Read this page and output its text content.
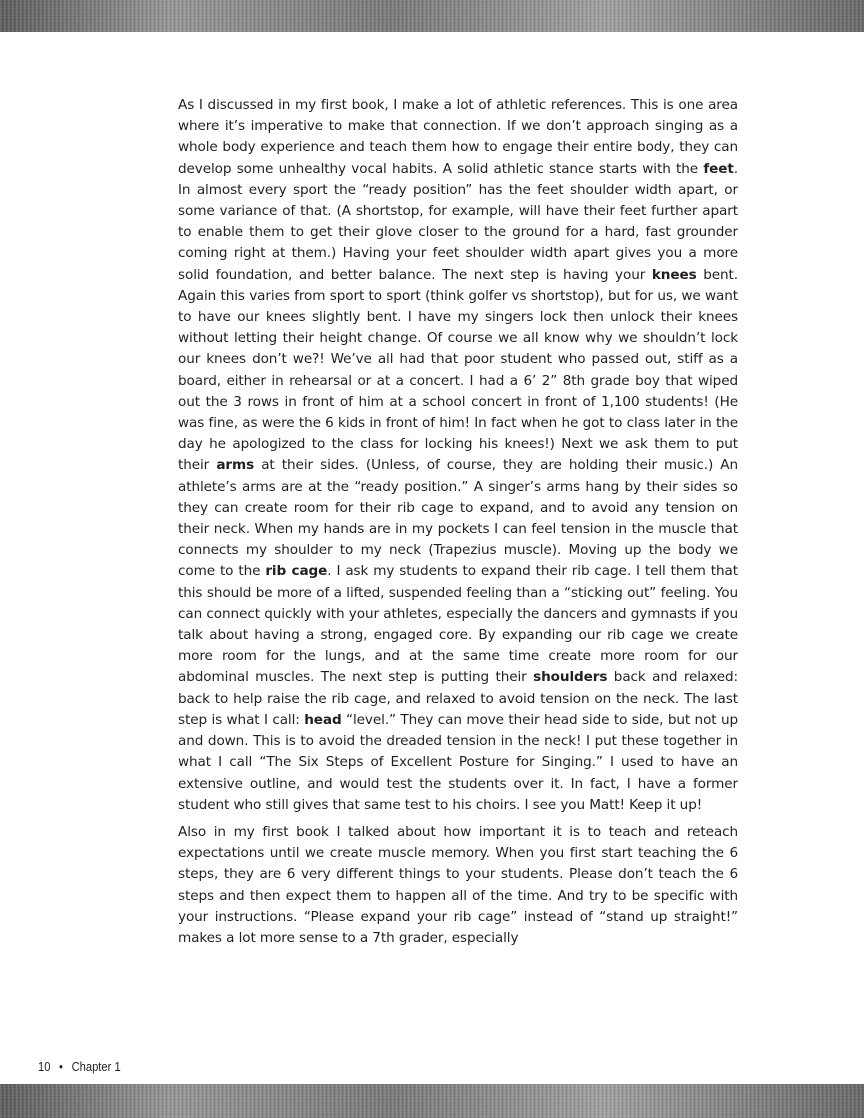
As I discussed in my first book, I make a lot of athletic references. This is one area where it’s imperative to make that connection. If we don’t approach singing as a whole body experience and teach them how to engage their entire body, they can develop some unhealthy vocal habits. A solid athletic stance starts with the feet. In almost every sport the “ready position” has the feet shoulder width apart, or some variance of that. (A shortstop, for example, will have their feet further apart to enable them to get their glove closer to the ground for a hard, fast grounder coming right at them.) Having your feet shoulder width apart gives you a more solid foundation, and better balance. The next step is having your knees bent. Again this varies from sport to sport (think golfer vs shortstop), but for us, we want to have our knees slightly bent. I have my singers lock then unlock their knees without letting their height change. Of course we all know why we shouldn’t lock our knees don’t we?! We’ve all had that poor student who passed out, stiff as a board, either in rehearsal or at a concert. I had a 6’ 2” 8th grade boy that wiped out the 3 rows in front of him at a school concert in front of 1,100 students! (He was fine, as were the 6 kids in front of him! In fact when he got to class later in the day he apologized to the class for locking his knees!) Next we ask them to put their arms at their sides. (Unless, of course, they are holding their music.) An athlete’s arms are at the “ready position.” A singer’s arms hang by their sides so they can create room for their rib cage to expand, and to avoid any tension on their neck. When my hands are in my pockets I can feel tension in the muscle that connects my shoulder to my neck (Trapezius muscle). Moving up the body we come to the rib cage. I ask my students to expand their rib cage. I tell them that this should be more of a lifted, suspended feeling than a “sticking out” feeling. You can connect quickly with your athletes, especially the dancers and gymnasts if you talk about having a strong, engaged core. By expanding our rib cage we create more room for the lungs, and at the same time create more room for our abdominal muscles. The next step is putting their shoulders back and relaxed: back to help raise the rib cage, and relaxed to avoid tension on the neck. The last step is what I call: head “level.” They can move their head side to side, but not up and down. This is to avoid the dreaded tension in the neck! I put these together in what I call “The Six Steps of Excellent Posture for Singing.” I used to have an extensive outline, and would test the students over it. In fact, I have a former student who still gives that same test to his choirs. I see you Matt! Keep it up!

Also in my first book I talked about how important it is to teach and reteach expectations until we create muscle memory. When you first start teaching the 6 steps, they are 6 very different things to your students. Please don’t teach the 6 steps and then expect them to happen all of the time. And try to be specific with your instructions. “Please expand your rib cage” instead of “stand up straight!” makes a lot more sense to a 7th grader, especially

10 • Chapter 1
